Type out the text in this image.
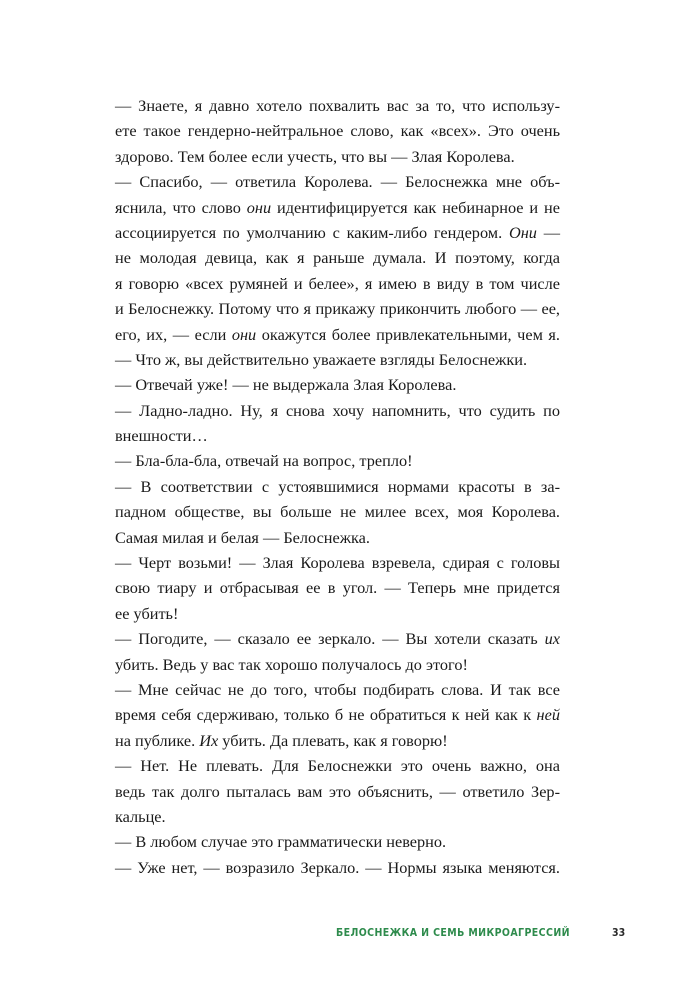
— Знаете, я давно хотело похвалить вас за то, что использу-
ете такое гендерно-нейтральное слово, как «всех». Это очень
здорово. Тем более если учесть, что вы — Злая Королева.
— Спасибо, — ответила Королева. — Белоснежка мне объ-
яснила, что слово они идентифицируется как небинарное и не
ассоциируется по умолчанию с каким-либо гендером. Они —
не молодая девица, как я раньше думала. И поэтому, когда
я говорю «всех румяней и белее», я имею в виду в том числе
и Белоснежку. Потому что я прикажу прикончить любого — ее,
его, их, — если они окажутся более привлекательными, чем я.
— Что ж, вы действительно уважаете взгляды Белоснежки.
— Отвечай уже! — не выдержала Злая Королева.
— Ладно-ладно. Ну, я снова хочу напомнить, что судить по
внешности…
— Бла-бла-бла, отвечай на вопрос, трепло!
— В соответствии с устоявшимися нормами красоты в за-
падном обществе, вы больше не милее всех, моя Королева.
Самая милая и белая — Белоснежка.
— Черт возьми! — Злая Королева взревела, сдирая с головы
свою тиару и отбрасывая ее в угол. — Теперь мне придется
ее убить!
— Погодите, — сказало ее зеркало. — Вы хотели сказать их
убить. Ведь у вас так хорошо получалось до этого!
— Мне сейчас не до того, чтобы подбирать слова. И так все
время себя сдерживаю, только б не обратиться к ней как к ней
на публике. Их убить. Да плевать, как я говорю!
— Нет. Не плевать. Для Белоснежки это очень важно, она
ведь так долго пыталась вам это объяснить, — ответило Зер-
кальце.
— В любом случае это грамматически неверно.
— Уже нет, — возразило Зеркало. — Нормы языка меняются.
БЕЛОСНЕЖКА И СЕМЬ МИКРОАГРЕССИЙ	33
